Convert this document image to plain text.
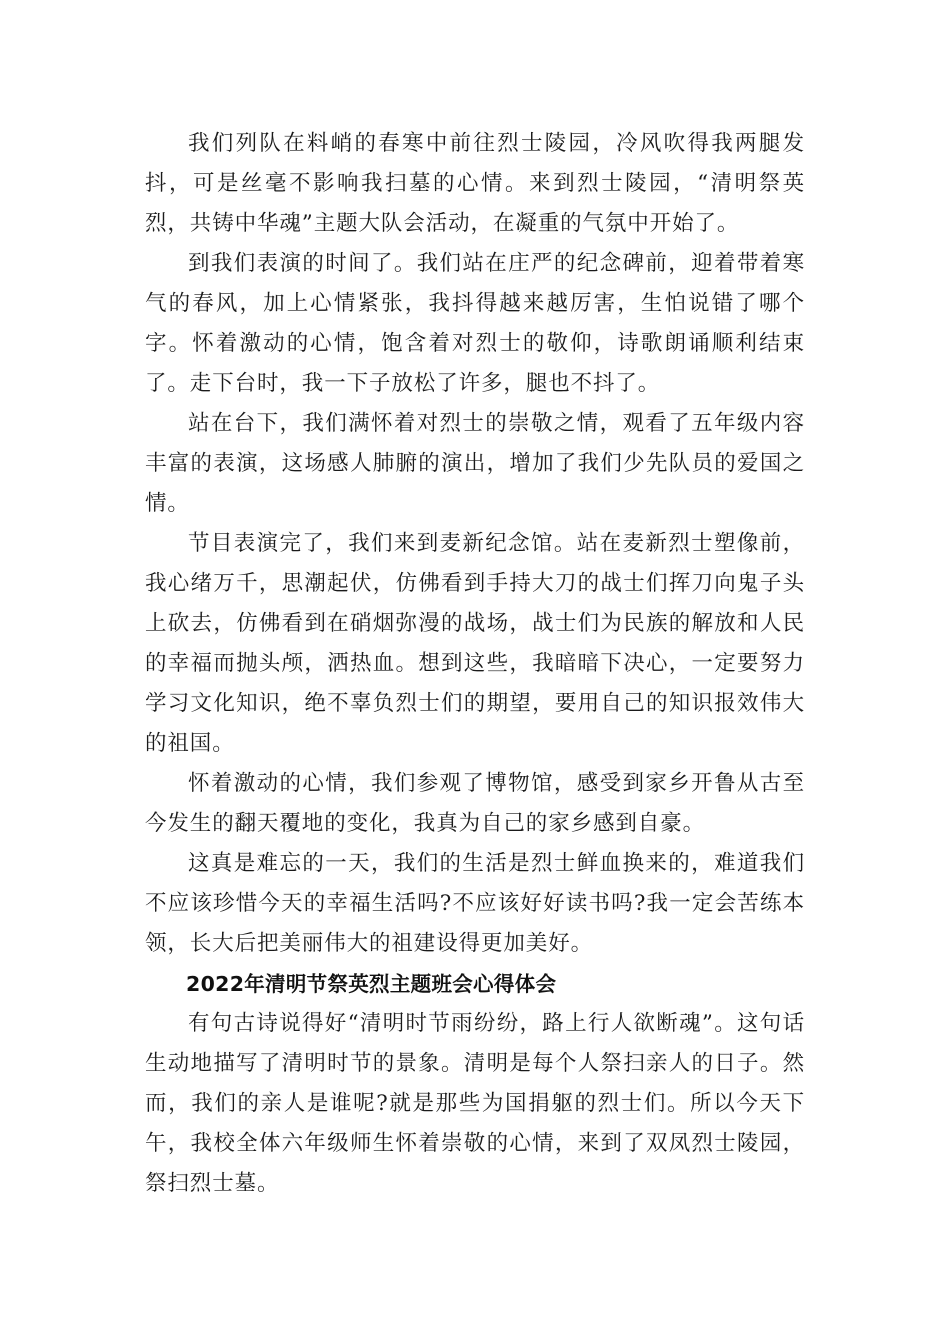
我们列队在料峭的春寒中前往烈士陵园，冷风吹得我两腿发抖，可是丝毫不影响我扫墓的心情。来到烈士陵园，“清明祭英烈，共铸中华魂”主题大队会活动，在凝重的气氛中开始了。

到我们表演的时间了。我们站在庄严的纪念碑前，迎着带着寒气的春风，加上心情紧张，我抖得越来越厉害，生怕说错了哪个字。怀着激动的心情，饱含着对烈士的敬仰，诗歌朗诵顺利结束了。走下台时，我一下子放松了许多，腿也不抖了。

站在台下，我们满怀着对烈士的崇敬之情，观看了五年级内容丰富的表演，这场感人肺腑的演出，增加了我们少先队员的爱国之情。

节目表演完了，我们来到麦新纪念馆。站在麦新烈士塑像前，我心绪万千，思潮起伏，仿佛看到手持大刀的战士们挥刀向鬼子头上砍去，仿佛看到在硝烟弥漫的战场，战士们为民族的解放和人民的幸福而抛头颅，洒热血。想到这些，我暗暗下决心，一定要努力学习文化知识，绝不辜负烈士们的期望，要用自己的知识报效伟大的祖国。

怀着激动的心情，我们参观了博物馆，感受到家乡开鲁从古至今发生的翻天覆地的变化，我真为自己的家乡感到自豪。

这真是难忘的一天，我们的生活是烈士鲜血换来的，难道我们不应该珍惜今天的幸福生活吗?不应该好好读书吗?我一定会苦练本领，长大后把美丽伟大的祖建设得更加美好。

2022年清明节祭英烈主题班会心得体会

有句古诗说得好“清明时节雨纷纷，路上行人欲断魂”。这句话生动地描写了清明时节的景象。清明是每个人祭扫亲人的日子。然而，我们的亲人是谁呢?就是那些为国捐躯的烈士们。所以今天下午，我校全体六年级师生怀着崇敬的心情，来到了双凤烈士陵园，祭扫烈士墓。
